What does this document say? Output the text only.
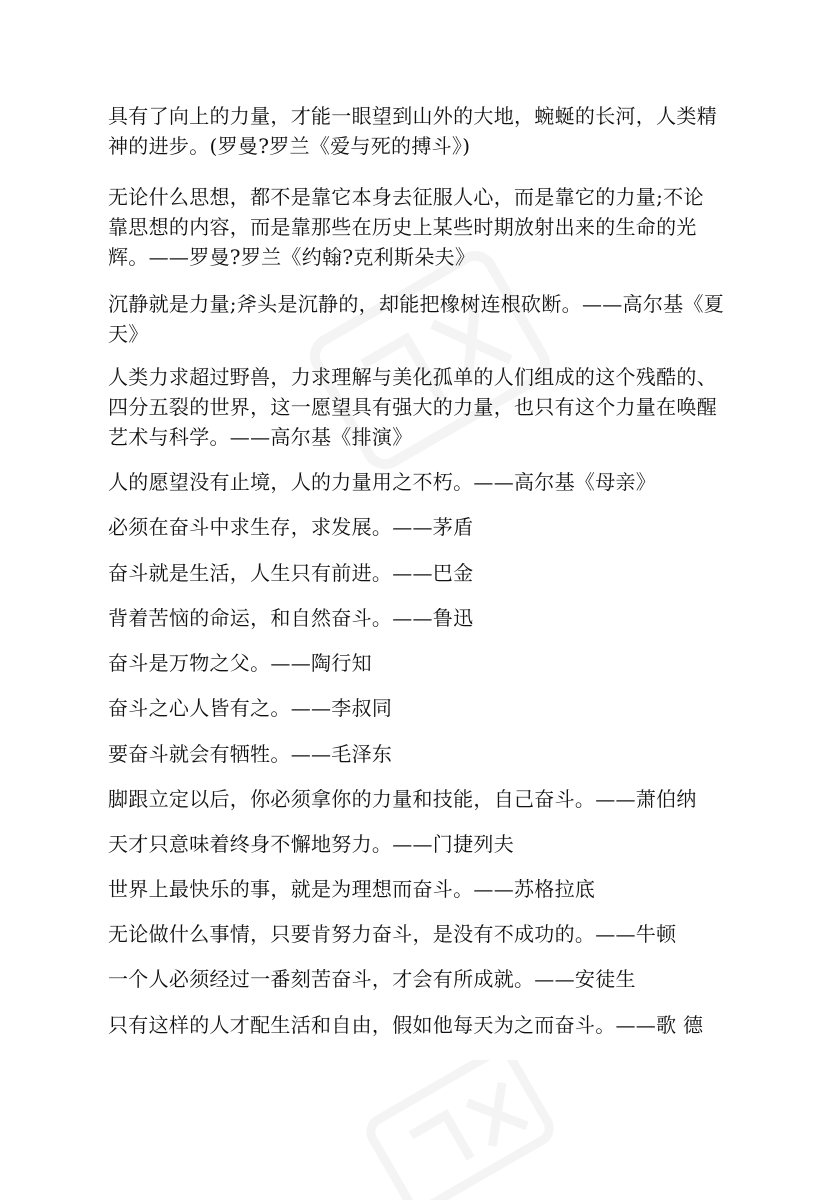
具有了向上的力量，才能一眼望到山外的大地，蜿蜒的长河，人类精
神的进步。(罗曼?罗兰《爱与死的搏斗》)

无论什么思想，都不是靠它本身去征服人心，而是靠它的力量;不论
靠思想的内容，而是靠那些在历史上某些时期放射出来的生命的光
辉。——罗曼?罗兰《约翰?克利斯朵夫》

沉静就是力量;斧头是沉静的，却能把橡树连根砍断。——高尔基《夏
天》

人类力求超过野兽，力求理解与美化孤单的人们组成的这个残酷的、
四分五裂的世界，这一愿望具有强大的力量，也只有这个力量在唤醒
艺术与科学。——高尔基《排演》

人的愿望没有止境，人的力量用之不朽。——高尔基《母亲》

必须在奋斗中求生存，求发展。——茅盾

奋斗就是生活，人生只有前进。——巴金

背着苦恼的命运，和自然奋斗。——鲁迅

奋斗是万物之父。——陶行知

奋斗之心人皆有之。——李叔同

要奋斗就会有牺牲。——毛泽东

脚跟立定以后，你必须拿你的力量和技能，自己奋斗。——萧伯纳

天才只意味着终身不懈地努力。——门捷列夫

世界上最快乐的事，就是为理想而奋斗。——苏格拉底

无论做什么事情，只要肯努力奋斗，是没有不成功的。——牛顿

一个人必须经过一番刻苦奋斗，才会有所成就。——安徒生

只有这样的人才配生活和自由，假如他每天为之而奋斗。——歌 德
